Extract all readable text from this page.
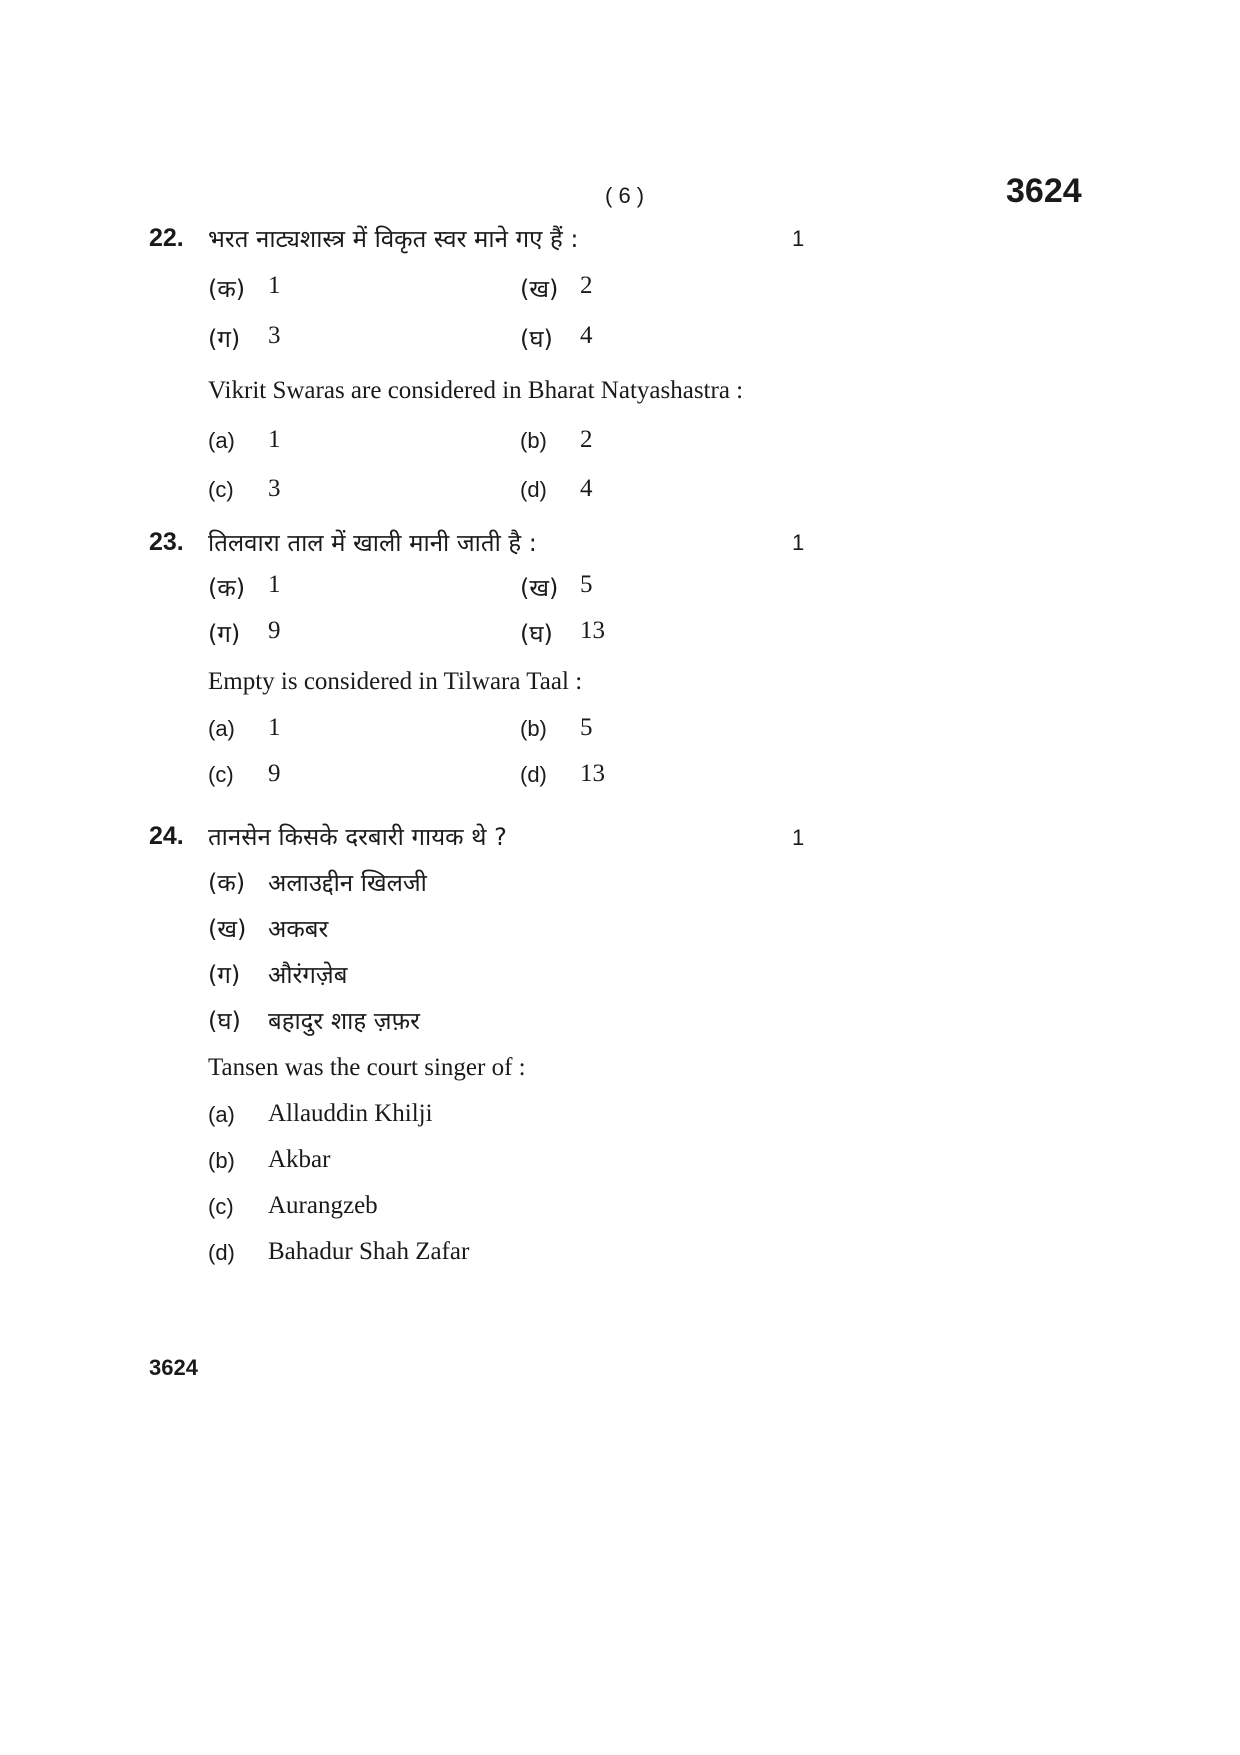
( 6 )	3624
22. भरत नाट्यशास्त्र में विकृत स्वर माने गए हैं :	1
(क) 1	(ख) 2
(ग) 3	(घ) 4
Vikrit Swaras are considered in Bharat Natyashastra :
(a) 1	(b) 2
(c) 3	(d) 4
23. तिलवारा ताल में खाली मानी जाती है :	1
(क) 1	(ख) 5
(ग) 9	(घ) 13
Empty is considered in Tilwara Taal :
(a) 1	(b) 5
(c) 9	(d) 13
24. तानसेन किसके दरबारी गायक थे ?	1
(क) अलाउद्दीन खिलजी
(ख) अकबर
(ग) औरंगज़ेब
(घ) बहादुर शाह ज़फ़र
Tansen was the court singer of :
(a) Allauddin Khilji
(b) Akbar
(c) Aurangzeb
(d) Bahadur Shah Zafar
3624
